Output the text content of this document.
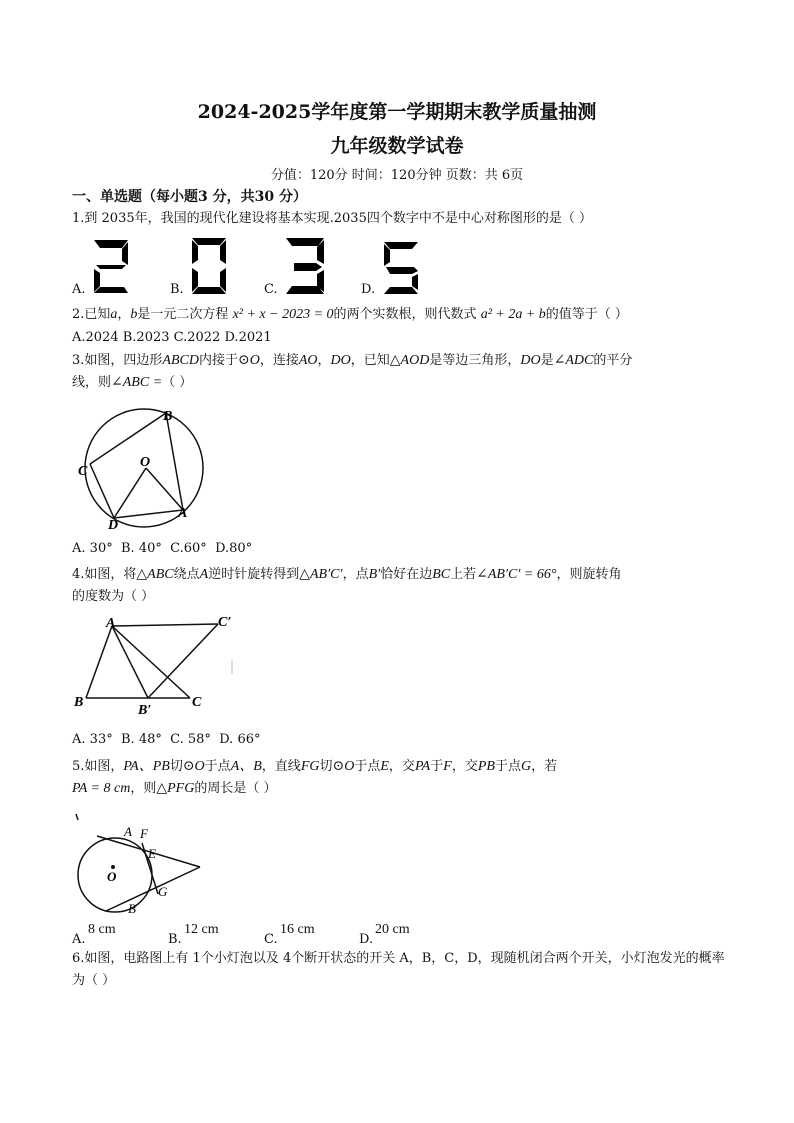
2024-2025学年度第一学期期末教学质量抽测
九年级数学试卷
分值：120分 时间：120分钟 页数：共 6页
一、单选题（每小题3 分，共30 分）
1.到 2035年，我国的现代化建设将基本实现.2035四个数字中不是中心对称图形的是（ ）
A.	B.	C.	D.
2.已知a，b是一元二次方程 x² + x − 2023 = 0的两个实数根，则代数式 a² + 2a + b的值等于（ ）
A.2024 B.2023 C.2022 D.2021
3.如图，四边形ABCD内接于⊙O，连接AO，DO，已知△AOD是等边三角形，DO是∠ADC的平分
线，则∠ABC =（ ）
B
C
O
D
A
A. 30° B. 40° C.60° D.80°
4.如图，将△ABC绕点A逆时针旋转得到△AB′C′，点B′恰好在边BC上若∠AB′C′ = 66°，则旋转角
的度数为（ ）
A	C′
B
B′
C
A. 33° B. 48° C. 58° D. 66°
5.如图，PA、PB切⊙O于点A、B，直线FG切⊙O于点E，交PA于F，交PB于点G，若
PA = 8 cm，则△PFG的周长是（ ）
A F
E
O
G
B
A.
8 cm
B.
12 cm
C.
16 cm
D.
20 cm
6.如图，电路图上有 1个小灯泡以及 4个断开状态的开关 A，B，C，D，现随机闭合两个开关，小灯泡发光的概率为（ ）
